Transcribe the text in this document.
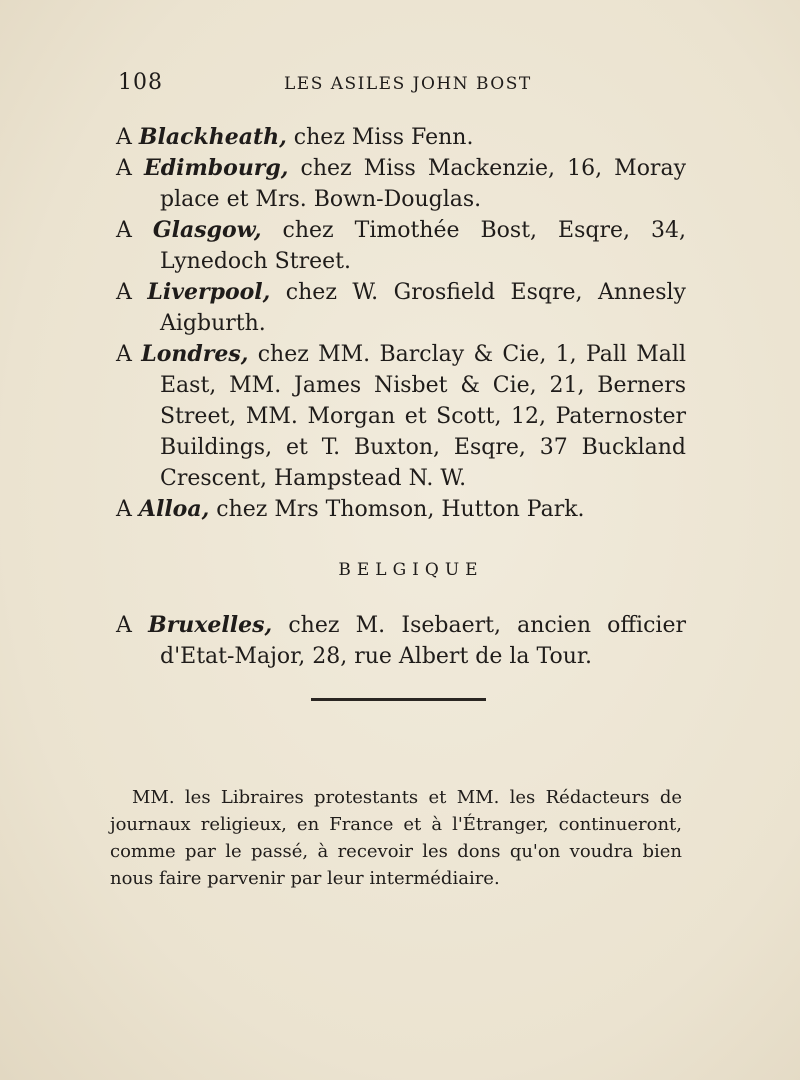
108	LES ASILES JOHN BOST

A Blackheath, chez Miss Fenn.

A Edimbourg, chez Miss Mackenzie, 16, Moray place et Mrs. Bown-Douglas.

A Glasgow, chez Timothée Bost, Esqre, 34, Lynedoch Street.

A Liverpool, chez W. Grosfield Esqre, Annesly Aigburth.

A Londres, chez MM. Barclay & Cie, 1, Pall Mall East, MM. James Nisbet & Cie, 21, Berners Street, MM. Morgan et Scott, 12, Paternoster Buildings, et T. Buxton, Esqre, 37 Buckland Crescent, Hampstead N. W.

A Alloa, chez Mrs Thomson, Hutton Park.

BELGIQUE

A Bruxelles, chez M. Isebaert, ancien officier d'Etat-Major, 28, rue Albert de la Tour.

MM. les Libraires protestants et MM. les Rédacteurs de journaux religieux, en France et à l'Étranger, continueront, comme par le passé, à recevoir les dons qu'on voudra bien nous faire parvenir par leur intermédiaire.
